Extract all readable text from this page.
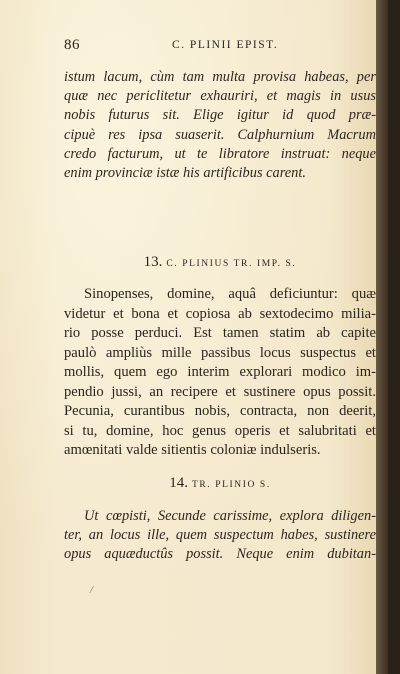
86	C. PLINII EPIST.
istum lacum, cùm tam multa provisa habeas, per
quæ nec periclitetur exhauriri, et magis in usus
nobis futurus sit. Elige igitur id quod præ-
cipuè res ipsa suaserit. Calphurnium Macrum
credo facturum, ut te libratore instruat: neque
enim provinciæ istæ his artificibus carent.
13. C. PLINIUS TR. IMP. S.
Sinopenses, domine, aquâ deficiuntur: quæ
videtur et bona et copiosa ab sextodecimo milia-
rio posse perduci. Est tamen statim ab capite
paulò ampliùs mille passibus locus suspectus et
mollis, quem ego interim explorari modico im-
pendio jussi, an recipere et sustinere opus possit.
Pecunia, curantibus nobis, contracta, non deerit,
si tu, domine, hoc genus operis et salubritati et
amœnitati valde sitientis coloniæ indulseris.
14. TR. PLINIO S.
Ut cœpisti, Secunde carissime, explora diligen-
ter, an locus ille, quem suspectum habes, sustinere
opus aquæductûs possit. Neque enim dubitan-
/
